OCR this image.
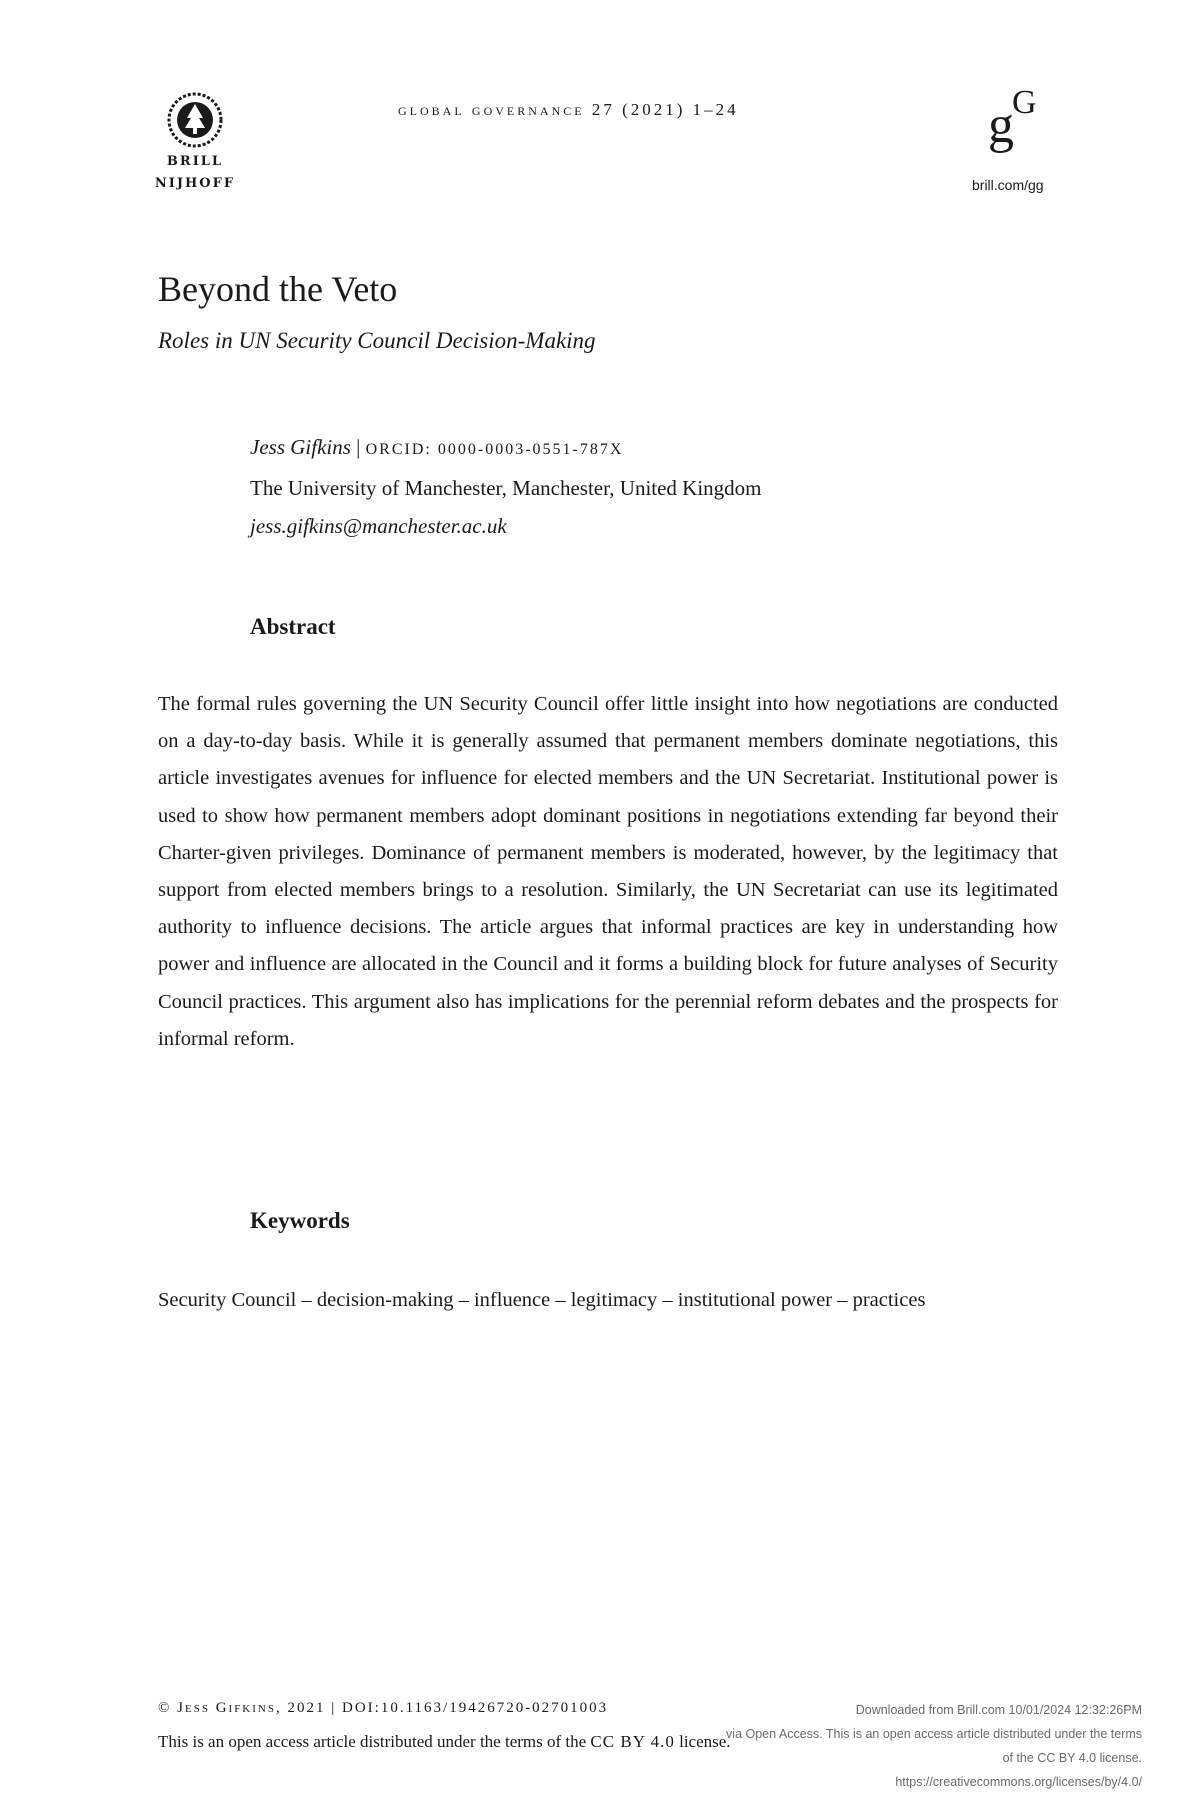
BRILL
NIJHOFF
global governance 27 (2021) 1–24	g
G
brill.com/gg
Beyond the Veto
Roles in UN Security Council Decision-Making
Jess Gifkins | ORCID: 0000-0003-0551-787X
The University of Manchester, Manchester, United Kingdom
jess.gifkins@manchester.ac.uk
Abstract
The formal rules governing the UN Security Council offer little insight into how negotiations are conducted on a day-to-day basis. While it is generally assumed that permanent members dominate negotiations, this article investigates avenues for influence for elected members and the UN Secretariat. Institutional power is used to show how permanent members adopt dominant positions in negotiations extending far beyond their Charter-given privileges. Dominance of permanent members is moderated, however, by the legitimacy that support from elected members brings to a resolution. Similarly, the UN Secretariat can use its legitimated authority to influence decisions. The article argues that informal practices are key in understanding how power and influence are allocated in the Council and it forms a building block for future analyses of Security Council practices. This argument also has implications for the perennial reform debates and the prospects for informal reform.
Keywords
Security Council – decision-making – influence – legitimacy – institutional power – practices
© Jess Gifkins, 2021 | DOI:10.1163/19426720-02701003
This is an open access article distributed under the terms of the CC BY 4.0 license.
Downloaded from Brill.com 10/01/2024 12:32:26PM
via Open Access. This is an open access article distributed under the terms
of the CC BY 4.0 license.
https://creativecommons.org/licenses/by/4.0/
